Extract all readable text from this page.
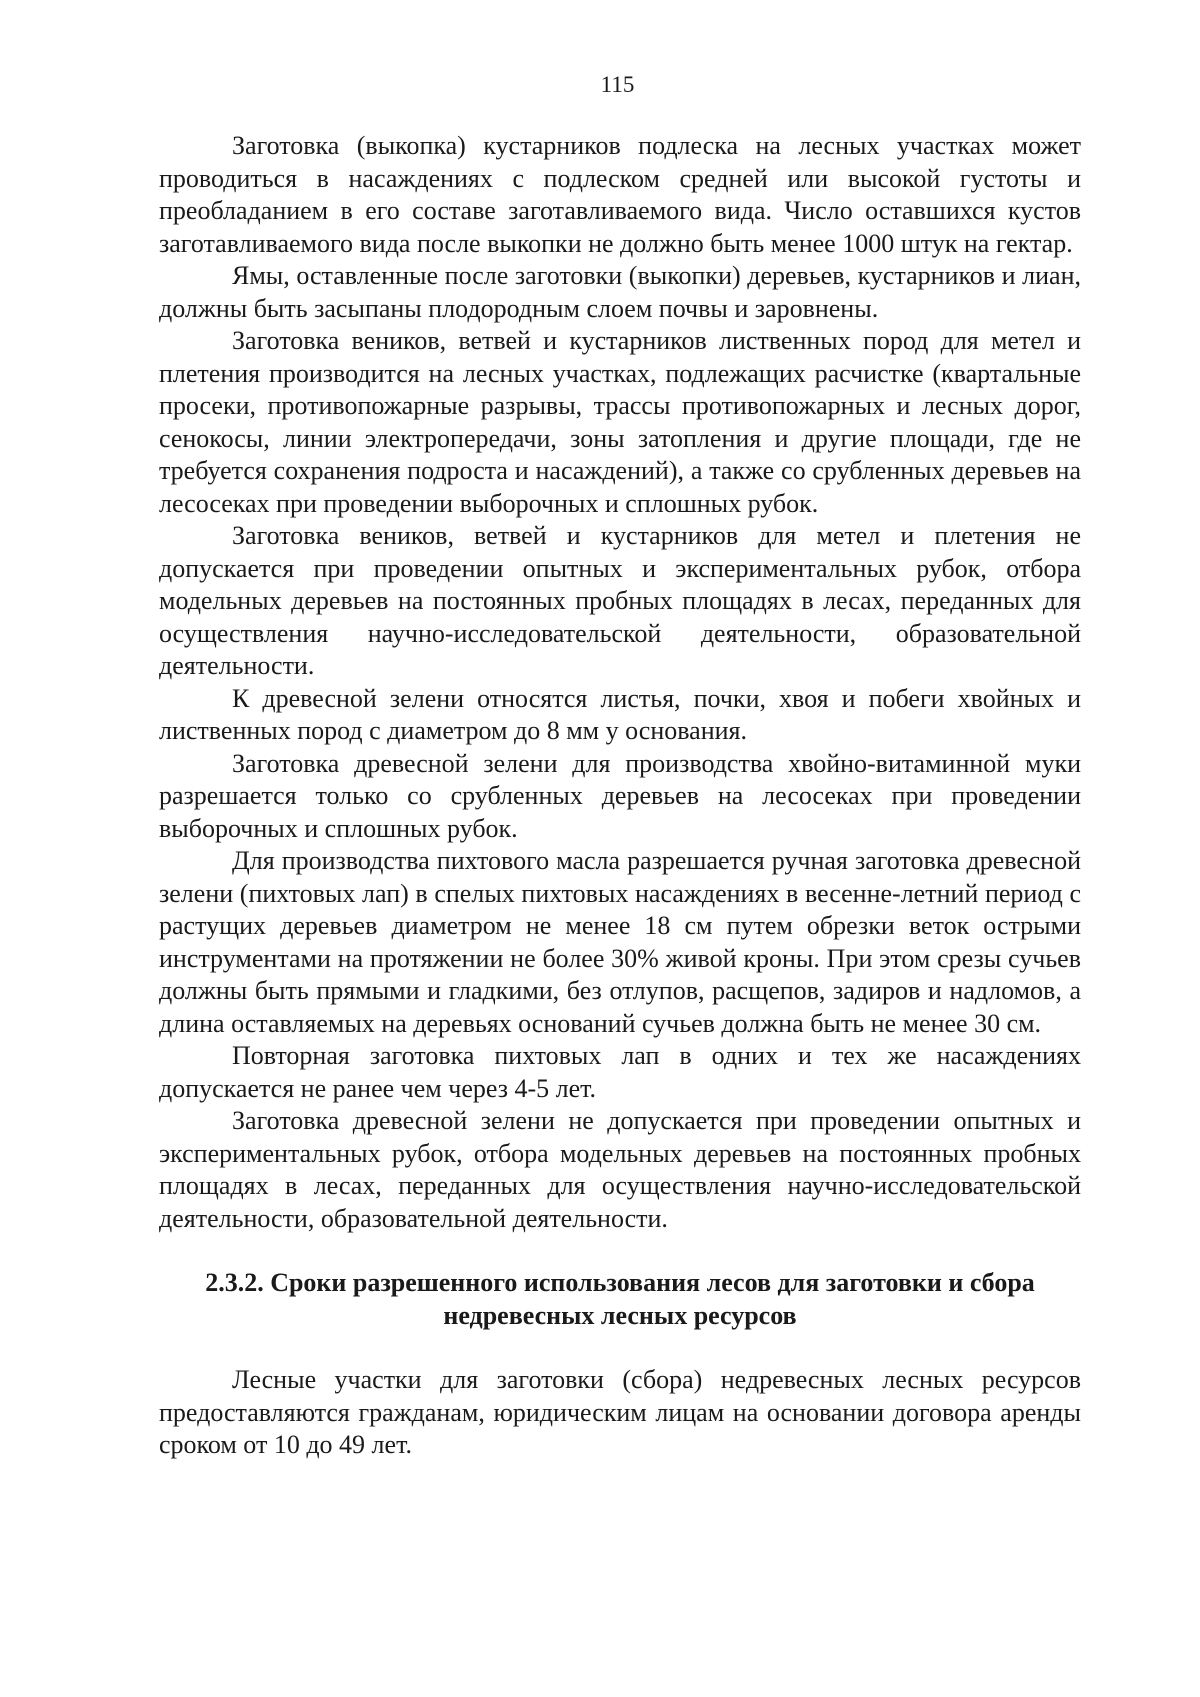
115

Заготовка (выкопка) кустарников подлеска на лесных участках может проводиться в насаждениях с подлеском средней или высокой густоты и преобладанием в его составе заготавливаемого вида. Число оставшихся кустов заготавливаемого вида после выкопки не должно быть менее 1000 штук на гектар.

Ямы, оставленные после заготовки (выкопки) деревьев, кустарников и лиан, должны быть засыпаны плодородным слоем почвы и заровнены.

Заготовка веников, ветвей и кустарников лиственных пород для метел и плетения производится на лесных участках, подлежащих расчистке (квартальные просеки, противопожарные разрывы, трассы противопожарных и лесных дорог, сенокосы, линии электропередачи, зоны затопления и другие площади, где не требуется сохранения подроста и насаждений), а также со срубленных деревьев на лесосеках при проведении выборочных и сплошных рубок.

Заготовка веников, ветвей и кустарников для метел и плетения не допускается при проведении опытных и экспериментальных рубок, отбора модельных деревьев на постоянных пробных площадях в лесах, переданных для осуществления научно-исследовательской деятельности, образовательной деятельности.

К древесной зелени относятся листья, почки, хвоя и побеги хвойных и лиственных пород с диаметром до 8 мм у основания.

Заготовка древесной зелени для производства хвойно-витаминной муки разрешается только со срубленных деревьев на лесосеках при проведении выборочных и сплошных рубок.

Для производства пихтового масла разрешается ручная заготовка древесной зелени (пихтовых лап) в спелых пихтовых насаждениях в весенне-летний период с растущих деревьев диаметром не менее 18 см путем обрезки веток острыми инструментами на протяжении не более 30% живой кроны. При этом срезы сучьев должны быть прямыми и гладкими, без отлупов, расщепов, задиров и надломов, а длина оставляемых на деревьях оснований сучьев должна быть не менее 30 см.

Повторная заготовка пихтовых лап в одних и тех же насаждениях допускается не ранее чем через 4-5 лет.

Заготовка древесной зелени не допускается при проведении опытных и экспериментальных рубок, отбора модельных деревьев на постоянных пробных площадях в лесах, переданных для осуществления научно-исследовательской деятельности, образовательной деятельности.

2.3.2. Сроки разрешенного использования лесов для заготовки и сбора недревесных лесных ресурсов

Лесные участки для заготовки (сбора) недревесных лесных ресурсов предоставляются гражданам, юридическим лицам на основании договора аренды сроком от 10 до 49 лет.
